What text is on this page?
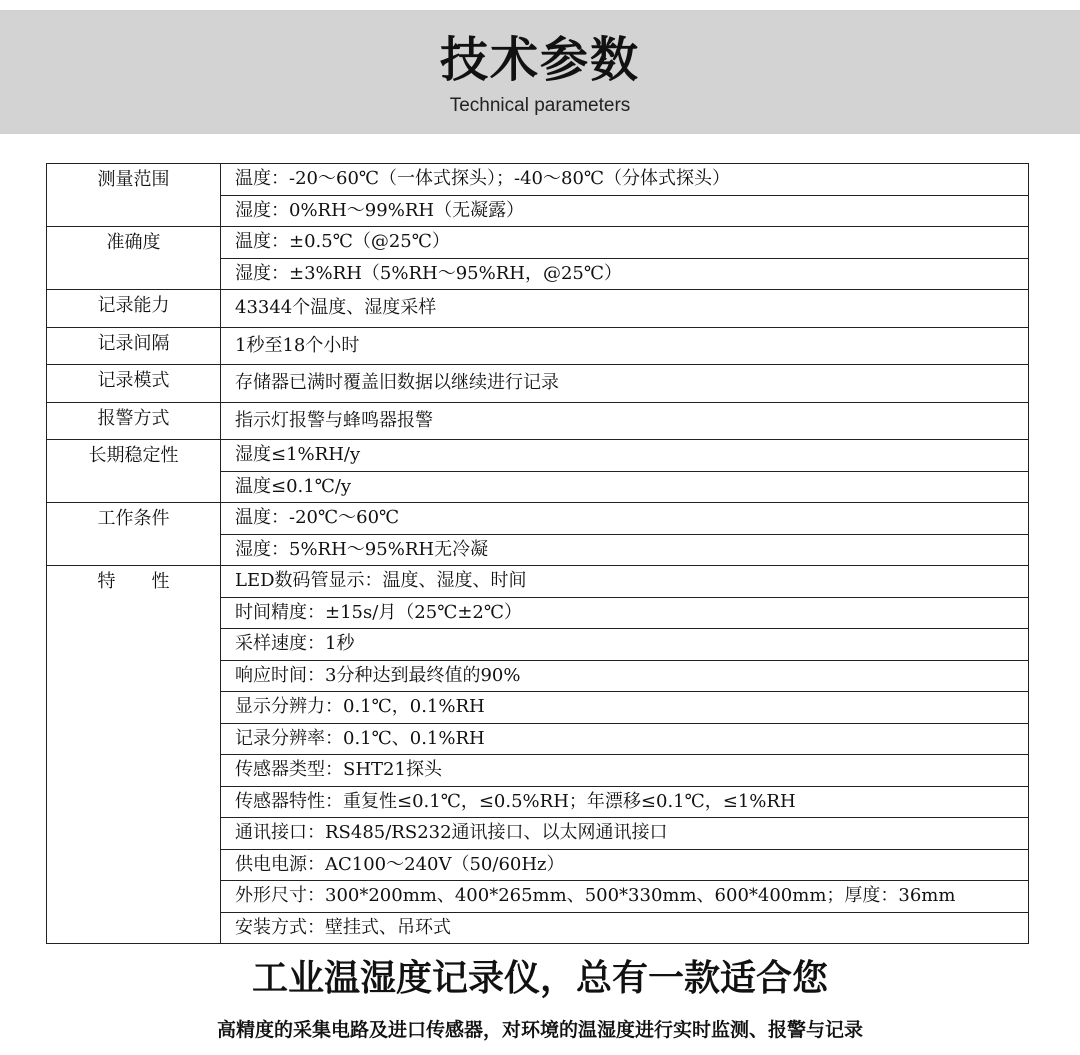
技术参数
Technical parameters
测量范围	温度：-20～60℃（一体式探头）；-40～80℃（分体式探头）
	湿度：0%RH～99%RH（无凝露）
准确度	温度：±0.5℃（@25℃）
	湿度：±3%RH（5%RH～95%RH，@25℃）
记录能力	43344个温度、湿度采样
记录间隔	1秒至18个小时
记录模式	存储器已满时覆盖旧数据以继续进行记录
报警方式	指示灯报警与蜂鸣器报警
长期稳定性	湿度≤1%RH/y
	温度≤0.1℃/y
工作条件	温度：-20℃～60℃
	湿度：5%RH～95%RH无冷凝
特　　性	LED数码管显示：温度、湿度、时间
	时间精度：±15s/月（25℃±2℃）
	采样速度：1秒
	响应时间：3分种达到最终值的90%
	显示分辨力：0.1℃，0.1%RH
	记录分辨率：0.1℃、0.1%RH
	传感器类型：SHT21探头
	传感器特性：重复性≤0.1℃，≤0.5%RH；年漂移≤0.1℃，≤1%RH
	通讯接口：RS485/RS232通讯接口、以太网通讯接口
	供电电源：AC100～240V（50/60Hz）
	外形尺寸：300*200mm、400*265mm、500*330mm、600*400mm；厚度：36mm
	安装方式：壁挂式、吊环式
工业温湿度记录仪，总有一款适合您
高精度的采集电路及进口传感器，对环境的温湿度进行实时监测、报警与记录
